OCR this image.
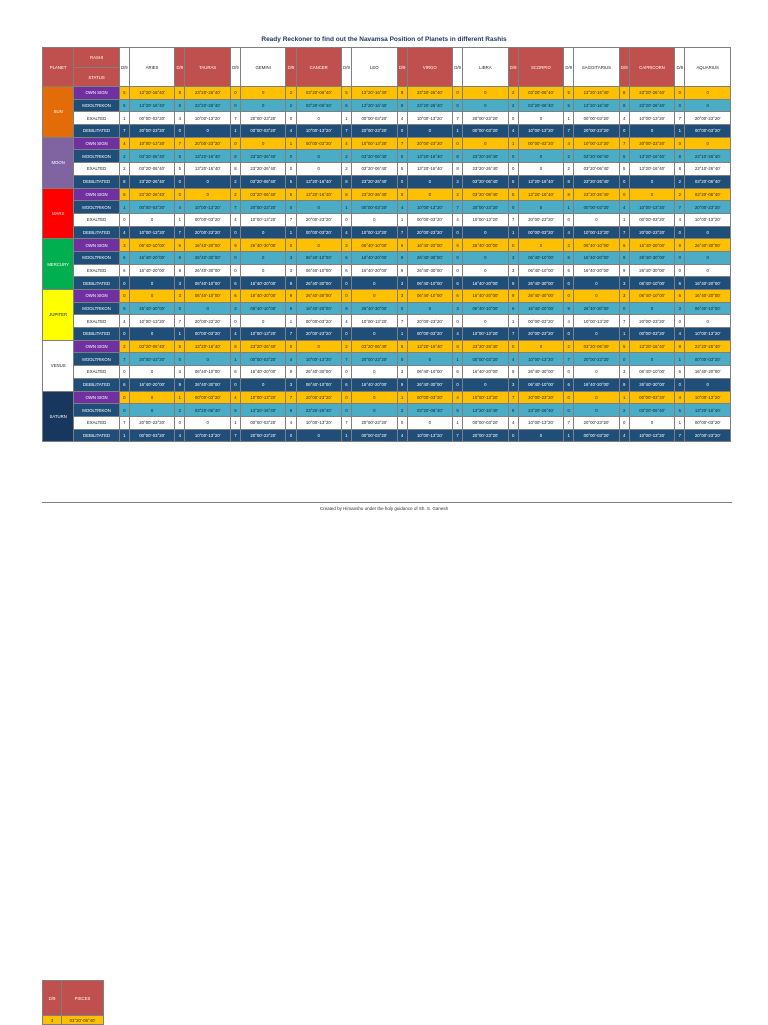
Ready Reckoner to find out the Navamsa Position of Planets in different Rashis
PLANET	RASHI	D/9	ARIES	D/9	TAURAS	D/9	GEMINI	D/9	CANCER	D/9	LEO	D/9	VIRGO	D/9	LIBRA	D/9	SCORPIO	D/9	SAGGITARIUS	D/9	CAPRICORN	D/9	AQUARIUS
	STATUS																						
SUN	OWN SIGN	5	13°20'-16°40'	8	23°20'-26°40'	0	0	2	03°20'-06°40'	5	13°20'-16°40'	8	23°20'-26°40'	0	0	2	03°20'-06°40'	5	13°20'-16°40'	8	23°20'-26°40'	0	0
	MOOLTRIKON	5	13°20'-16°40'	8	23°20'-26°40'	0	0	2	03°20'-06°40'	5	13°20'-16°40'	8	23°20'-26°40'	0	0	2	03°20'-06°40'	5	13°20'-16°40'	8	23°20'-26°40'	0	0
	EXALTED	1	00°00'-03°20'	4	10°00'-13°20'	7	20°00'-23°20'	0	0	1	00°00'-03°20'	4	10°00'-13°20'	7	20°00'-23°20'	0	0	1	00°00'-03°20'	4	10°00'-13°20'	7	20°00'-23°20'
	DEBILITATED	7	20°00'-23°20'	0	0	1	00°00'-03°20'	4	10°00'-13°20'	7	20°00'-23°20'	0	0	1	00°00'-03°20'	4	10°00'-13°20'	7	20°00'-23°20'	0	0	1	00°00'-03°20'
MOON	OWN SIGN	4	10°00'-13°20'	7	20°00'-23°20'	0	0	1	00°00'-03°20'	4	10°00'-13°20'	7	20°00'-23°20'	0	0	1	00°00'-03°20'	4	10°00'-13°20'	7	20°00'-23°20'	0	0
	MOOLTRIKON	2	03°20'-06°40'	5	13°20'-16°40'	8	23°20'-26°40'	0	0	2	03°20'-06°40'	5	13°20'-16°40'	8	23°20'-26°40'	0	0	2	03°20'-06°40'	5	13°20'-16°40'	8	23°10'-26°40'
	EXALTED	2	03°20'-06°40'	5	13°20'-16°40'	8	23°20'-26°40'	0	0	2	03°20'-06°40'	5	13°20'-16°40'	8	23°20'-26°40'	0	0	2	03°20'-06°40'	5	13°20'-16°40'	8	23°10'-26°40'
	DEBILITATED	8	23°20'-26°40'	0	0	2	03°20'-06°40'	5	13°20'-16°40'	8	23°20'-26°40'	0	0	2	03°20'-06°40'	5	13°20'-16°40'	8	23°20'-26°40'	0	0	2	03°20'-06°40'
MARS	OWN SIGN	8	23°20'-26°40'	0	0	2	03°20'-06°40'	5	13°20'-16°40'	8	23°20'-26°40'	0	0	2	03°20'-06°40'	5	13°20'-16°40'	8	23°20'-26°40'	0	0	2	03°20'-06°40'
	MOOLTRIKON	1	00°00'-03°20'	4	10°00'-13°20'	7	20°00'-23°20'	0	0	1	00°00'-03°20'	4	10°00'-13°20'	7	20°00'-23°20'	0	0	1	00°00'-03°20'	4	10°00'-13°20'	7	20°00'-23°20'
	EXALTED	0	0	1	00°00'-03°20'	4	10°00'-13°20'	7	20°00'-23°20'	0	0	1	00°00'-03°20'	4	10°00'-13°20'	7	20°00'-23°20'	0	0	1	00°00'-03°20'	4	10°00'-13°20'
	DEBILITATED	4	10°00'-13°20'	7	20°00'-23°20'	0	0	1	00°00'-03°20'	4	10°00'-13°20'	7	20°00'-23°20'	0	0	1	00°00'-03°20'	4	10°00'-13°20'	7	20°00'-23°20'	0	0
MERCURY	OWN SIGN	3	06°40'-10°00'	6	16°40'-20°00'	9	26°40'-30°00'	0	0	3	06°40'-10°00'	6	16°40'-20°00'	9	26°40'-30°00'	0	0	3	06°40'-10°00'	6	16°40'-20°00'	9	26°40'-30°00'
	MOOLTRIKON	6	16°40'-20°00'	9	26°40'-30°00'	0	0	3	06°40'-10°00'	6	16°40'-20°00'	9	26°40'-30°00'	0	0	3	06°40'-10°00'	6	16°40'-20°00'	9	26°40'-30°00'	0	0
	EXALTED	6	16°40'-20°00'	9	26°40'-30°00'	0	0	3	06°40'-10°00'	6	16°40'-20°00'	9	26°40'-30°00'	0	0	3	06°40'-10°00'	6	16°40'-20°00'	9	26°40'-30°00'	0	0
	DEBILITATED	0	0	3	06°40'-10°00'	6	16°40'-20°00'	9	26°40'-30°00'	0	0	3	06°40'-10°00'	6	16°40'-20°00'	9	26°40'-30°00'	0	0	3	06°40'-10°00'	6	16°40'-20°00'
JUPITER	OWN SIGN	0	0	3	06°40'-10°00'	6	16°40'-20°00'	9	26°40'-30°00'	0	0	3	06°40'-10°00'	6	16°40'-20°00'	9	26°40'-30°00'	0	0	3	06°40'-10°00'	6	16°40'-20°00'
	MOOLTRIKON	9	26°40'-30°00'	0	0	3	06°40'-10°00'	6	16°40'-20°00'	9	26°40'-30°00'	0	0	3	06°40'-10°00'	6	16°40'-20°00'	9	26°40'-30°00'	0	0	3	06°40'-10°00'
	EXALTED	4	10°00'-13°20'	7	20°00'-23°20'	0	0	1	00°00'-03°20'	4	10°00'-13°20'	7	20°00'-23°20'	0	0	1	00°00'-03°20'	4	10°00'-13°20'	7	20°00'-23°20'	0	0
	DEBILITATED	0	0	1	00°00'-03°20'	4	10°00'-13°20'	7	20°00'-23°20'	0	0	1	00°00'-03°20'	4	10°00'-13°20'	7	20°00'-23°20'	0	0	1	00°00'-03°20'	4	10°00'-13°20'
VENUS	OWN SIGN	2	03°20'-06°40'	5	13°20'-16°40'	8	23°20'-26°40'	0	0	2	03°20'-06°40'	5	13°20'-16°40'	8	23°20'-26°40'	0	0	2	03°20'-06°40'	5	13°20'-16°40'	8	23°20'-26°40'
	MOOLTRIKON	7	20°00'-23°20'	0	0	1	00°00'-03°20'	4	10°00'-13°20'	7	20°00'-23°20'	0	0	1	00°00'-03°20'	4	10°00'-13°20'	7	20°00'-23°20'	0	0	1	00°00'-03°20'
	EXALTED	0	0	3	06°40'-10°00'	6	16°40'-20°00'	9	26°40'-30°00'	0	0	3	06°40'-10°00'	6	16°40'-20°00'	9	26°40'-30°00'	0	0	3	06°40'-10°00'	6	16°40'-20°00'
	DEBILITATED	6	16°40'-20°00'	9	26°40'-30°00'	0	0	3	06°40'-10°00'	6	16°40'-20°00'	9	26°40'-30°00'	0	0	3	06°40'-10°00'	6	16°40'-20°00'	9	26°40'-30°00'	0	0
SATURN	OWN SIGN	0	0	1	00°00'-03°20'	4	10°00'-13°20'	7	20°00'-23°20'	0	0	1	00°00'-03°20'	4	10°00'-13°20'	7	20°00'-23°20'	0	0	1	00°00'-03°20'	4	10°00'-13°20'
	MOOLTRIKON	0	0	2	03°20'-06°40'	5	13°20'-16°40'	8	23°20'-26°40'	0	0	2	03°20'-06°40'	5	13°20'-16°40'	8	23°20'-26°40'	0	0	2	03°20'-06°40'	5	13°20'-16°40'
	EXALTED	7	20°00'-23°20'	0	0	1	00°00'-03°20'	4	10°00'-13°20'	7	20°00'-23°20'	0	0	1	00°00'-03°20'	4	10°00'-13°20'	7	20°00'-23°20'	0	0	1	00°00'-03°20'
	DEBILITATED	1	00°00'-03°20'	4	10°00'-13°20'	7	20°00'-23°20'	0	0	1	00°00'-03°20'	4	10°00'-13°20'	7	20°00'-23°20'	0	0	1	00°00'-03°20'	4	10°00'-13°20'	7	20°00'-23°20'
Created by Himanshu under the holy guidance of Sh. S. Ganesh
D/9	PISCES
3	03°20'-06°40'
